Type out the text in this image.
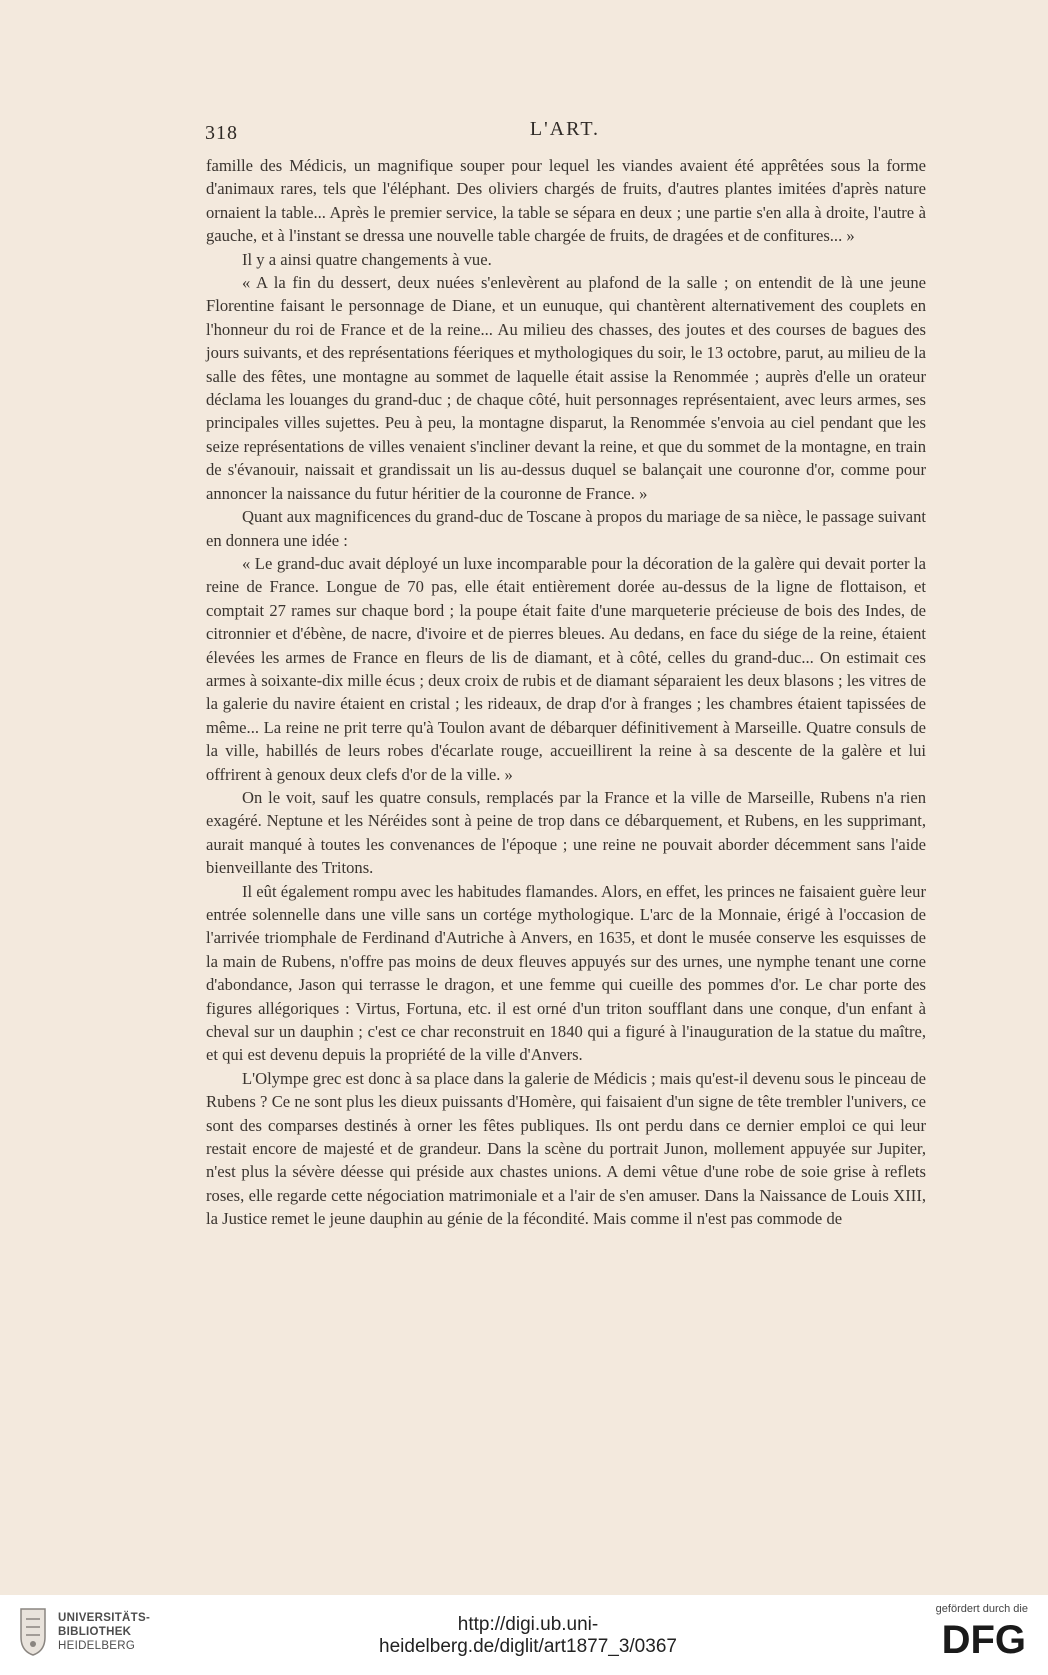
318	L'ART.

famille des Médicis, un magnifique souper pour lequel les viandes avaient été apprêtées sous la forme d'animaux rares, tels que l'éléphant. Des oliviers chargés de fruits, d'autres plantes imitées d'après nature ornaient la table... Après le premier service, la table se sépara en deux ; une partie s'en alla à droite, l'autre à gauche, et à l'instant se dressa une nouvelle table chargée de fruits, de dragées et de confitures... »

Il y a ainsi quatre changements à vue.

« A la fin du dessert, deux nuées s'enlevèrent au plafond de la salle ; on entendit de là une jeune Florentine faisant le personnage de Diane, et un eunuque, qui chantèrent alternativement des couplets en l'honneur du roi de France et de la reine... Au milieu des chasses, des joutes et des courses de bagues des jours suivants, et des représentations féeriques et mythologiques du soir, le 13 octobre, parut, au milieu de la salle des fêtes, une montagne au sommet de laquelle était assise la Renommée ; auprès d'elle un orateur déclama les louanges du grand-duc ; de chaque côté, huit personnages représentaient, avec leurs armes, ses principales villes sujettes. Peu à peu, la montagne disparut, la Renommée s'envoia au ciel pendant que les seize représentations de villes venaient s'incliner devant la reine, et que du sommet de la montagne, en train de s'évanouir, naissait et grandissait un lis au-dessus duquel se balançait une couronne d'or, comme pour annoncer la naissance du futur héritier de la couronne de France. »

Quant aux magnificences du grand-duc de Toscane à propos du mariage de sa nièce, le passage suivant en donnera une idée :

« Le grand-duc avait déployé un luxe incomparable pour la décoration de la galère qui devait porter la reine de France. Longue de 70 pas, elle était entièrement dorée au-dessus de la ligne de flottaison, et comptait 27 rames sur chaque bord ; la poupe était faite d'une marqueterie précieuse de bois des Indes, de citronnier et d'ébène, de nacre, d'ivoire et de pierres bleues. Au dedans, en face du siége de la reine, étaient élevées les armes de France en fleurs de lis de diamant, et à côté, celles du grand-duc... On estimait ces armes à soixante-dix mille écus ; deux croix de rubis et de diamant séparaient les deux blasons ; les vitres de la galerie du navire étaient en cristal ; les rideaux, de drap d'or à franges ; les chambres étaient tapissées de même... La reine ne prit terre qu'à Toulon avant de débarquer définitivement à Marseille. Quatre consuls de la ville, habillés de leurs robes d'écarlate rouge, accueillirent la reine à sa descente de la galère et lui offrirent à genoux deux clefs d'or de la ville. »

On le voit, sauf les quatre consuls, remplacés par la France et la ville de Marseille, Rubens n'a rien exagéré. Neptune et les Néréides sont à peine de trop dans ce débarquement, et Rubens, en les supprimant, aurait manqué à toutes les convenances de l'époque ; une reine ne pouvait aborder décemment sans l'aide bienveillante des Tritons.

Il eût également rompu avec les habitudes flamandes. Alors, en effet, les princes ne faisaient guère leur entrée solennelle dans une ville sans un cortége mythologique. L'arc de la Monnaie, érigé à l'occasion de l'arrivée triomphale de Ferdinand d'Autriche à Anvers, en 1635, et dont le musée conserve les esquisses de la main de Rubens, n'offre pas moins de deux fleuves appuyés sur des urnes, une nymphe tenant une corne d'abondance, Jason qui terrasse le dragon, et une femme qui cueille des pommes d'or. Le char porte des figures allégoriques : Virtus, Fortuna, etc. il est orné d'un triton soufflant dans une conque, d'un enfant à cheval sur un dauphin ; c'est ce char reconstruit en 1840 qui a figuré à l'inauguration de la statue du maître, et qui est devenu depuis la propriété de la ville d'Anvers.

L'Olympe grec est donc à sa place dans la galerie de Médicis ; mais qu'est-il devenu sous le pinceau de Rubens ? Ce ne sont plus les dieux puissants d'Homère, qui faisaient d'un signe de tête trembler l'univers, ce sont des comparses destinés à orner les fêtes publiques. Ils ont perdu dans ce dernier emploi ce qui leur restait encore de majesté et de grandeur. Dans la scène du portrait Junon, mollement appuyée sur Jupiter, n'est plus la sévère déesse qui préside aux chastes unions. A demi vêtue d'une robe de soie grise à reflets roses, elle regarde cette négociation matrimoniale et a l'air de s'en amuser. Dans la Naissance de Louis XIII, la Justice remet le jeune dauphin au génie de la fécondité. Mais comme il n'est pas commode de

UNIVERSITÄTS-
BIBLIOTHEK
HEIDELBERG
http://digi.ub.uni-heidelberg.de/diglit/art1877_3/0367
gefördert durch die
DFG
